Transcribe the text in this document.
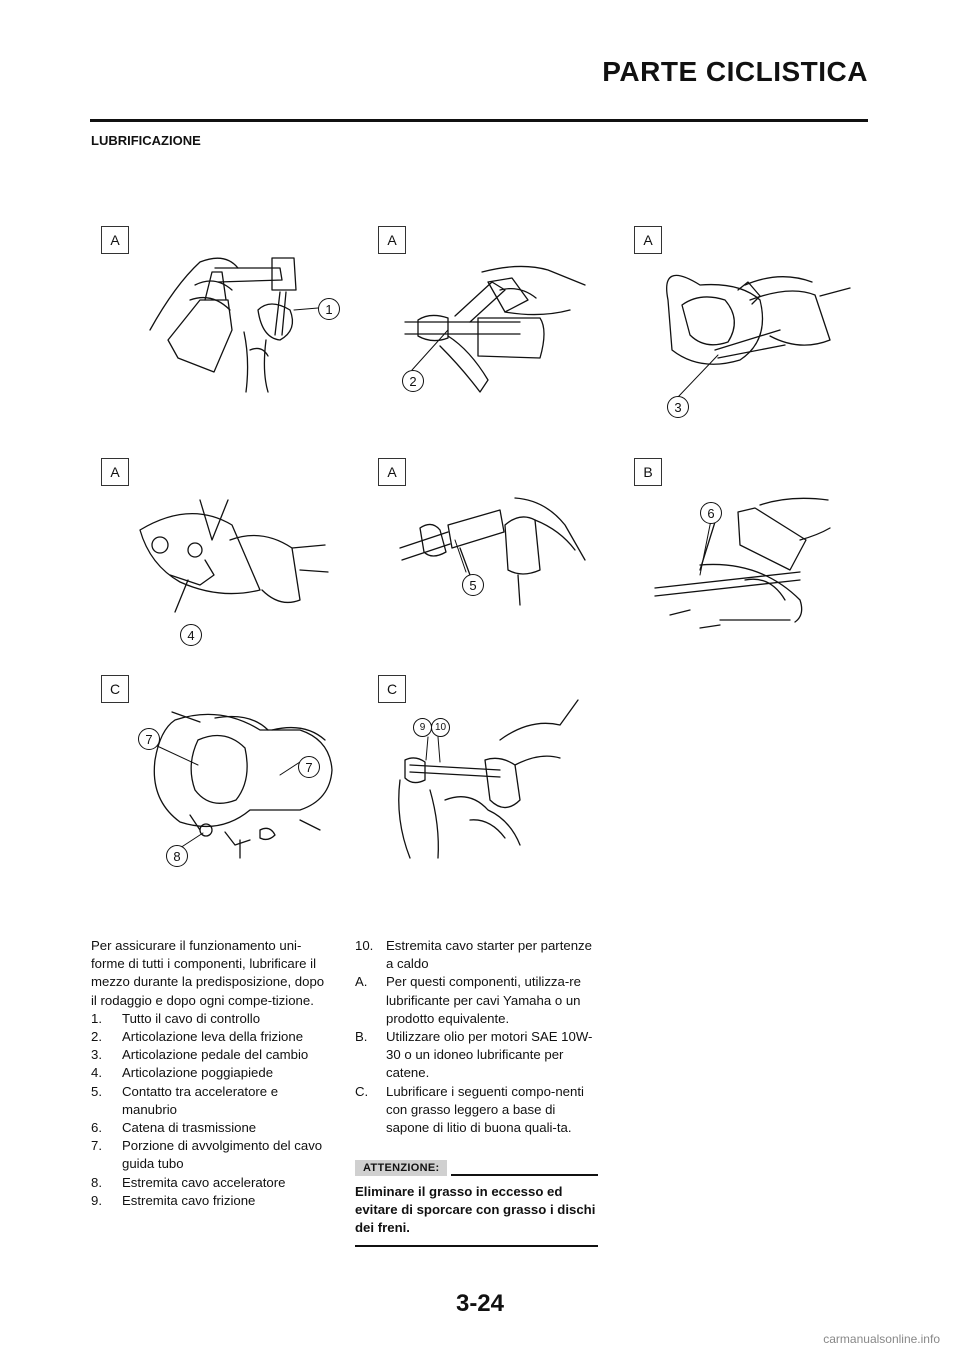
PARTE CICLISTICA
LUBRIFICAZIONE
A	A	A
A	A	B
C	C
1
2
3
4
5
6
7
7
8
9 10

Per assicurare il funzionamento uni-forme di tutti i componenti, lubrificare il mezzo durante la predisposizione, dopo il rodaggio e dopo ogni compe-tizione.

1.	Tutto il cavo di controllo
2.	Articolazione leva della frizione
3.	Articolazione pedale del cambio
4.	Articolazione poggiapiede
5.	Contatto tra acceleratore e manubrio
6.	Catena di trasmissione
7.	Porzione di avvolgimento del cavo guida tubo
8.	Estremita cavo acceleratore
9.	Estremita cavo frizione
10. Estremita cavo starter per partenze a caldo
A.	Per questi componenti, utilizza-re lubrificante per cavi Yamaha o un prodotto equivalente.
B.	Utilizzare olio per motori SAE 10W-30 o un idoneo lubrificante per catene.
C.	Lubrificare i seguenti compo-nenti con grasso leggero a base di sapone di litio di buona quali-ta.
ATTENZIONE:
Eliminare il grasso in eccesso ed evitare di sporcare con grasso i dischi dei freni.
3-24
carmanualsonline.info
